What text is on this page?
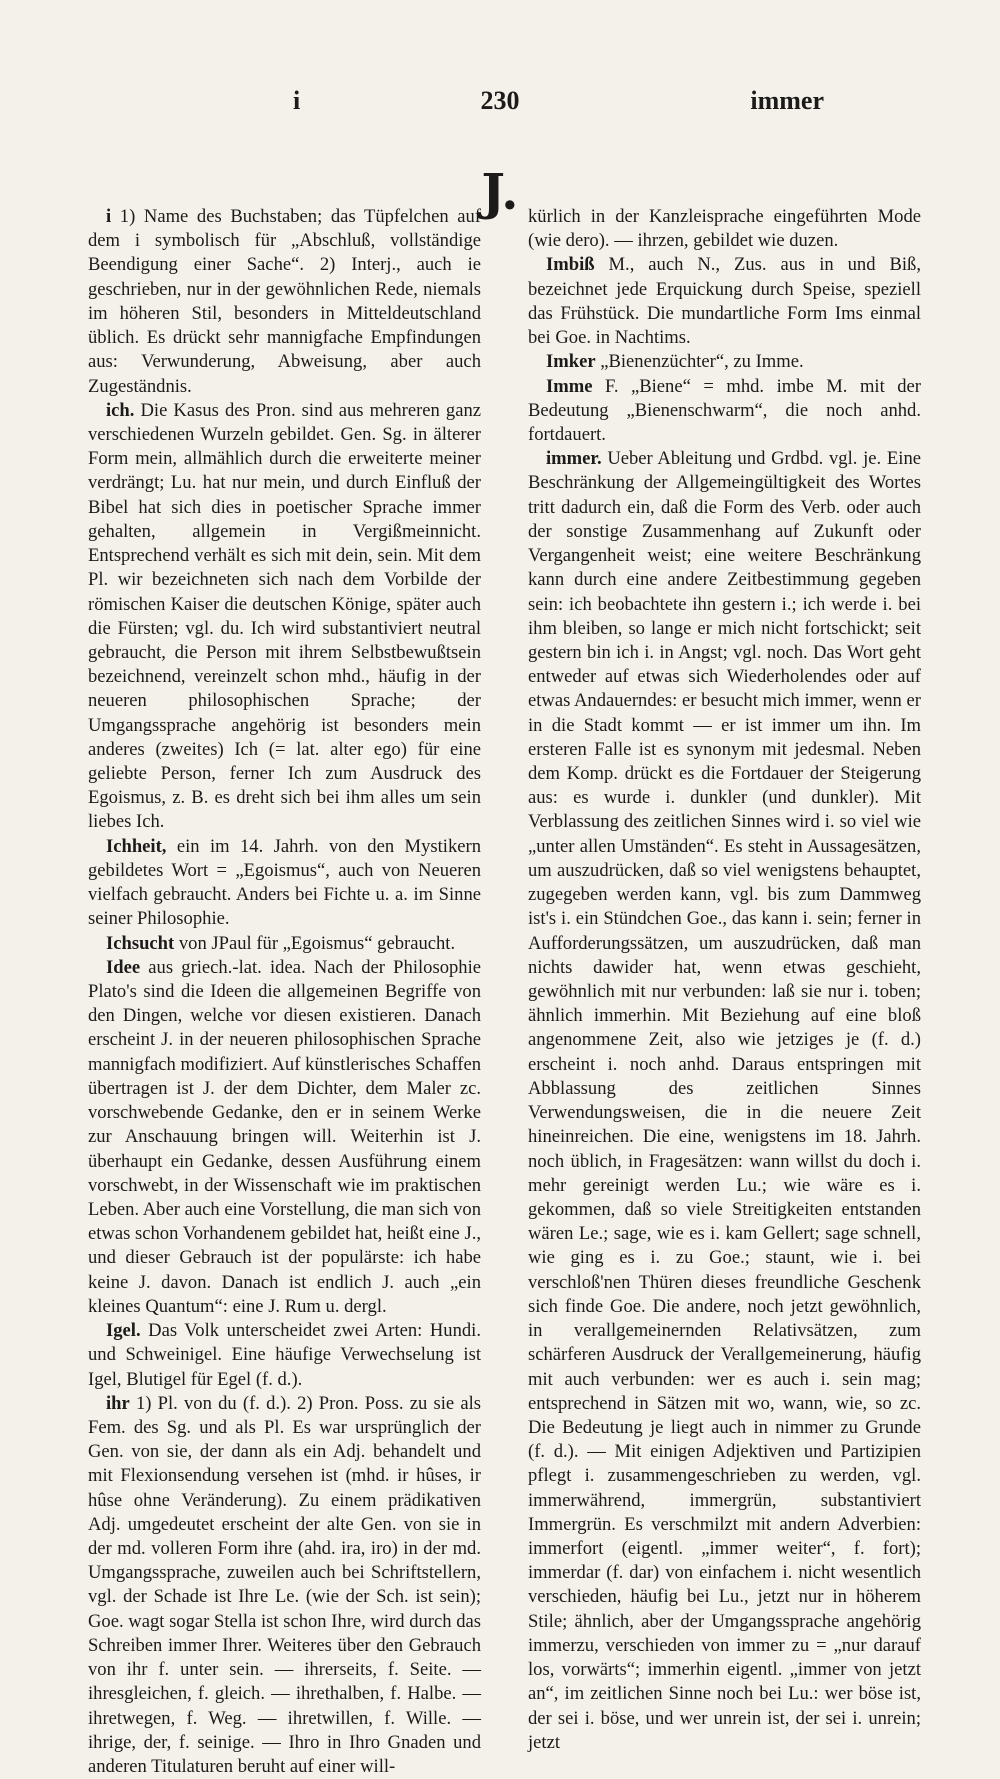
i	230	immer
J.

i 1) Name des Buchstaben; das Tüpfelchen auf dem i symbolisch für „Abschluß, vollständige Beendigung einer Sache“. 2) Interj., auch ie geschrieben, nur in der gewöhnlichen Rede, niemals im höheren Stil, besonders in Mitteldeutschland üblich. Es drückt sehr mannigfache Empfindungen aus: Verwunderung, Abweisung, aber auch Zugeständnis.

ich. Die Kasus des Pron. sind aus mehreren ganz verschiedenen Wurzeln gebildet. Gen. Sg. in älterer Form mein, allmählich durch die erweiterte meiner verdrängt; Lu. hat nur mein, und durch Einfluß der Bibel hat sich dies in poetischer Sprache immer gehalten, allgemein in Vergißmeinnicht. Entsprechend verhält es sich mit dein, sein. Mit dem Pl. wir bezeichneten sich nach dem Vorbilde der römischen Kaiser die deutschen Könige, später auch die Fürsten; vgl. du. Ich wird substantiviert neutral gebraucht, die Person mit ihrem Selbstbewußtsein bezeichnend, vereinzelt schon mhd., häufig in der neueren philosophischen Sprache; der Umgangssprache angehörig ist besonders mein anderes (zweites) Ich (= lat. alter ego) für eine geliebte Person, ferner Ich zum Ausdruck des Egoismus, z. B. es dreht sich bei ihm alles um sein liebes Ich.

Ichheit, ein im 14. Jahrh. von den Mystikern gebildetes Wort = „Egoismus“, auch von Neueren vielfach gebraucht. Anders bei Fichte u. a. im Sinne seiner Philosophie.

Ichsucht von JPaul für „Egoismus“ gebraucht.

Idee aus griech.-lat. idea. Nach der Philosophie Plato's sind die Ideen die allgemeinen Begriffe von den Dingen, welche vor diesen existieren. Danach erscheint J. in der neueren philosophischen Sprache mannigfach modifiziert. Auf künstlerisches Schaffen übertragen ist J. der dem Dichter, dem Maler zc. vorschwebende Gedanke, den er in seinem Werke zur Anschauung bringen will. Weiterhin ist J. überhaupt ein Gedanke, dessen Ausführung einem vorschwebt, in der Wissenschaft wie im praktischen Leben. Aber auch eine Vorstellung, die man sich von etwas schon Vorhandenem gebildet hat, heißt eine J., und dieser Gebrauch ist der populärste: ich habe keine J. davon. Danach ist endlich J. auch „ein kleines Quantum“: eine J. Rum u. dergl.

Igel. Das Volk unterscheidet zwei Arten: Hundi. und Schweinigel. Eine häufige Verwechselung ist Igel, Blutigel für Egel (f. d.).

ihr 1) Pl. von du (f. d.). 2) Pron. Poss. zu sie als Fem. des Sg. und als Pl. Es war ursprünglich der Gen. von sie, der dann als ein Adj. behandelt und mit Flexionsendung versehen ist (mhd. ir hûses, ir hûse ohne Veränderung). Zu einem prädikativen Adj. umgedeutet erscheint der alte Gen. von sie in der md. volleren Form ihre (ahd. ira, iro) in der md. Umgangssprache, zuweilen auch bei Schriftstellern, vgl. der Schade ist Ihre Le. (wie der Sch. ist sein); Goe. wagt sogar Stella ist schon Ihre, wird durch das Schreiben immer Ihrer. Weiteres über den Gebrauch von ihr f. unter sein. — ihrerseits, f. Seite. — ihresgleichen, f. gleich. — ihrethalben, f. Halbe. — ihretwegen, f. Weg. — ihretwillen, f. Wille. — ihrige, der, f. seinige. — Ihro in Ihro Gnaden und anderen Titulaturen beruht auf einer will-

kürlich in der Kanzleisprache eingeführten Mode (wie dero). — ihrzen, gebildet wie duzen.

Imbiß M., auch N., Zus. aus in und Biß, bezeichnet jede Erquickung durch Speise, speziell das Frühstück. Die mundartliche Form Ims einmal bei Goe. in Nachtims.

Imker „Bienenzüchter“, zu Imme.

Imme F. „Biene“ = mhd. imbe M. mit der Bedeutung „Bienenschwarm“, die noch anhd. fortdauert.

immer. Ueber Ableitung und Grdbd. vgl. je. Eine Beschränkung der Allgemeingültigkeit des Wortes tritt dadurch ein, daß die Form des Verb. oder auch der sonstige Zusammenhang auf Zukunft oder Vergangenheit weist; eine weitere Beschränkung kann durch eine andere Zeitbestimmung gegeben sein: ich beobachtete ihn gestern i.; ich werde i. bei ihm bleiben, so lange er mich nicht fortschickt; seit gestern bin ich i. in Angst; vgl. noch. Das Wort geht entweder auf etwas sich Wiederholendes oder auf etwas Andauerndes: er besucht mich immer, wenn er in die Stadt kommt — er ist immer um ihn. Im ersteren Falle ist es synonym mit jedesmal. Neben dem Komp. drückt es die Fortdauer der Steigerung aus: es wurde i. dunkler (und dunkler). Mit Verblassung des zeitlichen Sinnes wird i. so viel wie „unter allen Umständen“. Es steht in Aussagesätzen, um auszudrücken, daß so viel wenigstens behauptet, zugegeben werden kann, vgl. bis zum Dammweg ist's i. ein Stündchen Goe., das kann i. sein; ferner in Aufforderungssätzen, um auszudrücken, daß man nichts dawider hat, wenn etwas geschieht, gewöhnlich mit nur verbunden: laß sie nur i. toben; ähnlich immerhin. Mit Beziehung auf eine bloß angenommene Zeit, also wie jetziges je (f. d.) erscheint i. noch anhd. Daraus entspringen mit Abblassung des zeitlichen Sinnes Verwendungsweisen, die in die neuere Zeit hineinreichen. Die eine, wenigstens im 18. Jahrh. noch üblich, in Fragesätzen: wann willst du doch i. mehr gereinigt werden Lu.; wie wäre es i. gekommen, daß so viele Streitigkeiten entstanden wären Le.; sage, wie es i. kam Gellert; sage schnell, wie ging es i. zu Goe.; staunt, wie i. bei verschloß'nen Thüren dieses freundliche Geschenk sich finde Goe. Die andere, noch jetzt gewöhnlich, in verallgemeinernden Relativsätzen, zum schärferen Ausdruck der Verallgemeinerung, häufig mit auch verbunden: wer es auch i. sein mag; entsprechend in Sätzen mit wo, wann, wie, so zc. Die Bedeutung je liegt auch in nimmer zu Grunde (f. d.). — Mit einigen Adjektiven und Partizipien pflegt i. zusammengeschrieben zu werden, vgl. immerwährend, immergrün, substantiviert Immergrün. Es verschmilzt mit andern Adverbien: immerfort (eigentl. „immer weiter“, f. fort); immerdar (f. dar) von einfachem i. nicht wesentlich verschieden, häufig bei Lu., jetzt nur in höherem Stile; ähnlich, aber der Umgangssprache angehörig immerzu, verschieden von immer zu = „nur darauf los, vorwärts“; immerhin eigentl. „immer von jetzt an“, im zeitlichen Sinne noch bei Lu.: wer böse ist, der sei i. böse, und wer unrein ist, der sei i. unrein; jetzt
